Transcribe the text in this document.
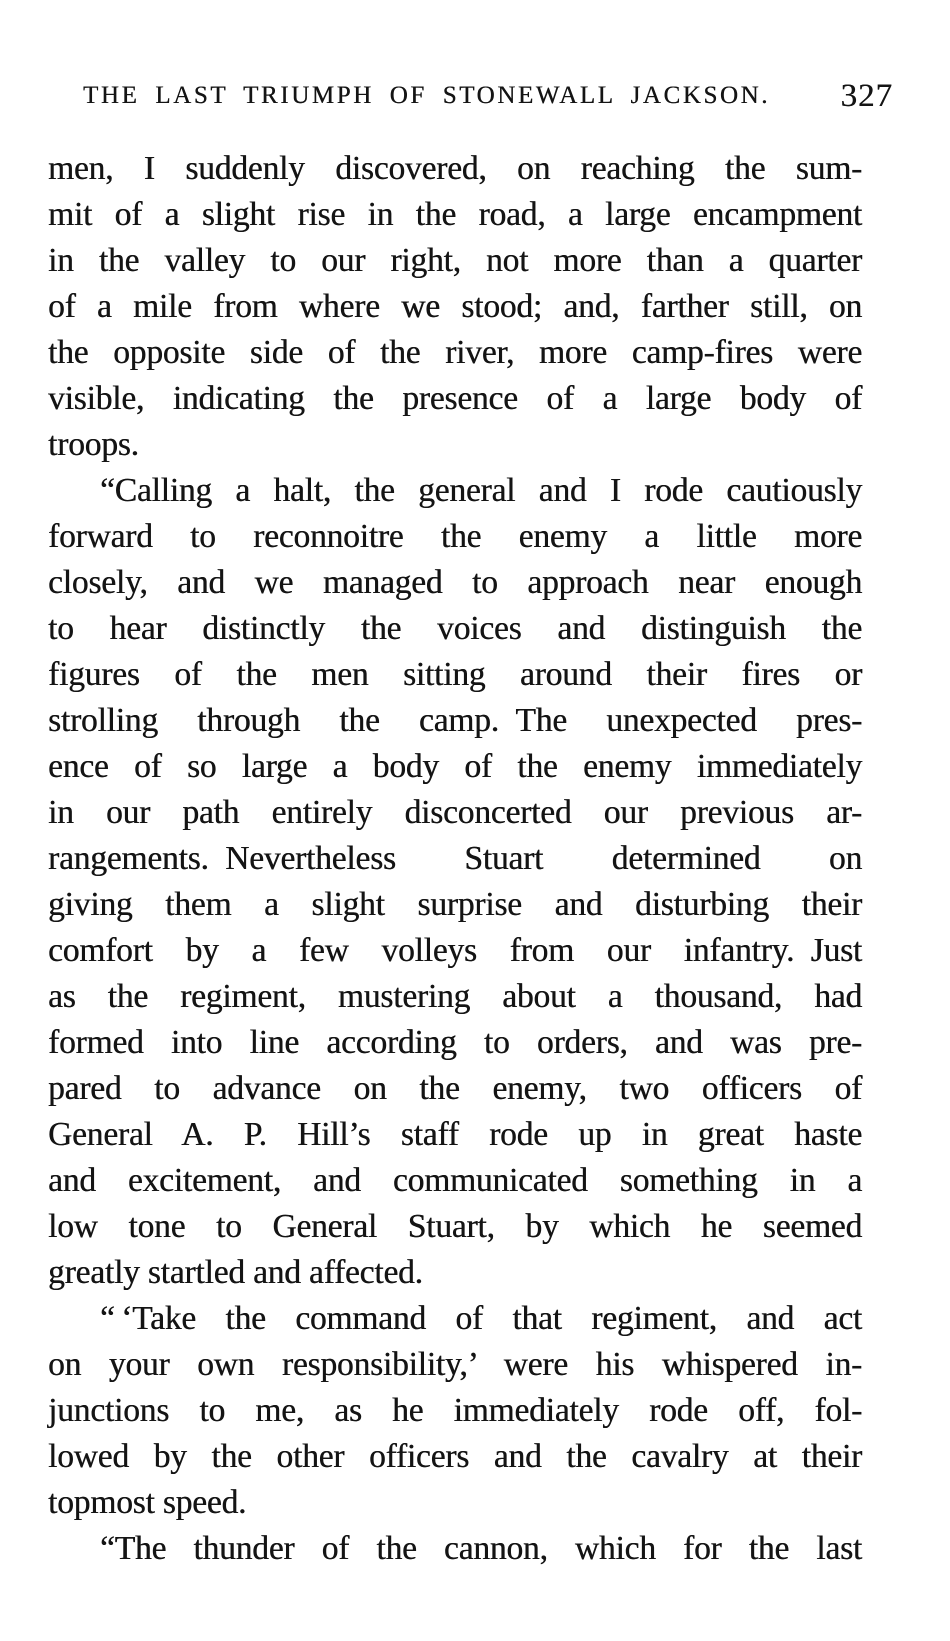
THE LAST TRIUMPH OF STONEWALL JACKSON.	327
men, I suddenly discovered, on reaching the sum-
mit of a slight rise in the road, a large encampment
in the valley to our right, not more than a quarter
of a mile from where we stood; and, farther still, on
the opposite side of the river, more camp-fires were
visible, indicating the presence of a large body of
troops.
“Calling a halt, the general and I rode cautiously
forward to reconnoitre the enemy a little more
closely, and we managed to approach near enough
to hear distinctly the voices and distinguish the
figures of the men sitting around their fires or
strolling through the camp. The unexpected pres-
ence of so large a body of the enemy immediately
in our path entirely disconcerted our previous ar-
rangements. Nevertheless Stuart determined on
giving them a slight surprise and disturbing their
comfort by a few volleys from our infantry. Just
as the regiment, mustering about a thousand, had
formed into line according to orders, and was pre-
pared to advance on the enemy, two officers of
General A. P. Hill’s staff rode up in great haste
and excitement, and communicated something in a
low tone to General Stuart, by which he seemed
greatly startled and affected.
“ ‘Take the command of that regiment, and act
on your own responsibility,’ were his whispered in-
junctions to me, as he immediately rode off, fol-
lowed by the other officers and the cavalry at their
topmost speed.
“The thunder of the cannon, which for the last
